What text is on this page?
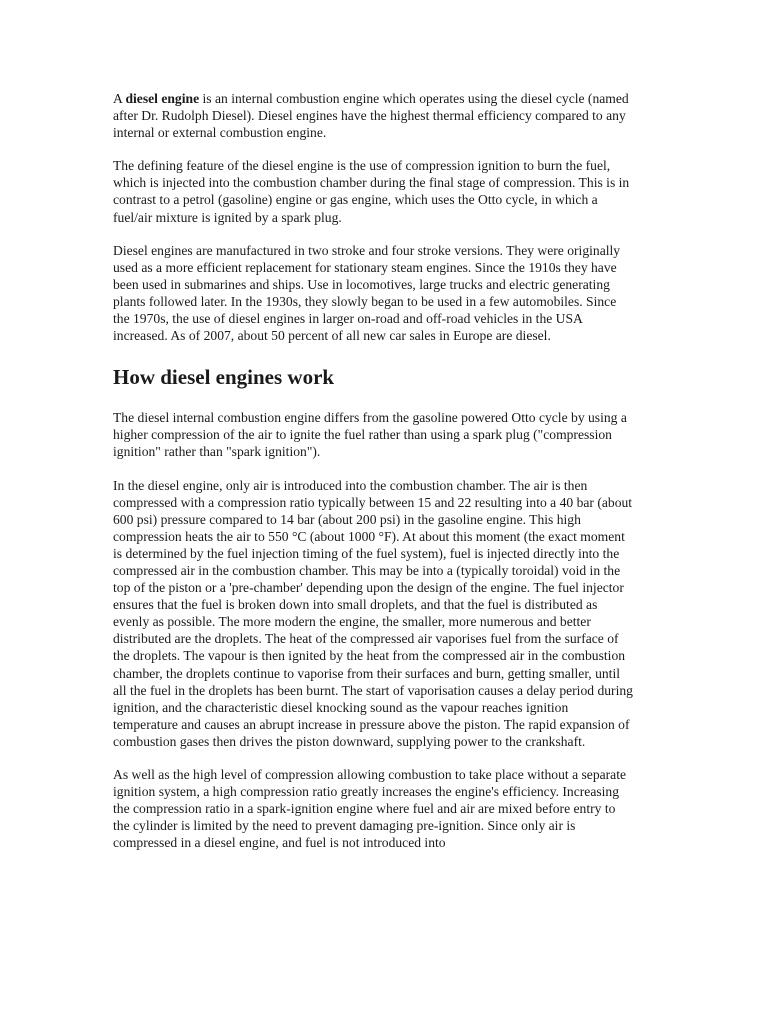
A diesel engine is an internal combustion engine which operates using the diesel cycle (named after Dr. Rudolph Diesel). Diesel engines have the highest thermal efficiency compared to any internal or external combustion engine.

The defining feature of the diesel engine is the use of compression ignition to burn the fuel, which is injected into the combustion chamber during the final stage of compression. This is in contrast to a petrol (gasoline) engine or gas engine, which uses the Otto cycle, in which a fuel/air mixture is ignited by a spark plug.

Diesel engines are manufactured in two stroke and four stroke versions. They were originally used as a more efficient replacement for stationary steam engines. Since the 1910s they have been used in submarines and ships. Use in locomotives, large trucks and electric generating plants followed later. In the 1930s, they slowly began to be used in a few automobiles. Since the 1970s, the use of diesel engines in larger on-road and off-road vehicles in the USA increased. As of 2007, about 50 percent of all new car sales in Europe are diesel.

How diesel engines work

The diesel internal combustion engine differs from the gasoline powered Otto cycle by using a higher compression of the air to ignite the fuel rather than using a spark plug ("compression ignition" rather than "spark ignition").

In the diesel engine, only air is introduced into the combustion chamber. The air is then compressed with a compression ratio typically between 15 and 22 resulting into a 40 bar (about 600 psi) pressure compared to 14 bar (about 200 psi) in the gasoline engine. This high compression heats the air to 550 °C (about 1000 °F). At about this moment (the exact moment is determined by the fuel injection timing of the fuel system), fuel is injected directly into the compressed air in the combustion chamber. This may be into a (typically toroidal) void in the top of the piston or a 'pre-chamber' depending upon the design of the engine. The fuel injector ensures that the fuel is broken down into small droplets, and that the fuel is distributed as evenly as possible. The more modern the engine, the smaller, more numerous and better distributed are the droplets. The heat of the compressed air vaporises fuel from the surface of the droplets. The vapour is then ignited by the heat from the compressed air in the combustion chamber, the droplets continue to vaporise from their surfaces and burn, getting smaller, until all the fuel in the droplets has been burnt. The start of vaporisation causes a delay period during ignition, and the characteristic diesel knocking sound as the vapour reaches ignition temperature and causes an abrupt increase in pressure above the piston. The rapid expansion of combustion gases then drives the piston downward, supplying power to the crankshaft.

As well as the high level of compression allowing combustion to take place without a separate ignition system, a high compression ratio greatly increases the engine's efficiency. Increasing the compression ratio in a spark-ignition engine where fuel and air are mixed before entry to the cylinder is limited by the need to prevent damaging pre-ignition. Since only air is compressed in a diesel engine, and fuel is not introduced into
